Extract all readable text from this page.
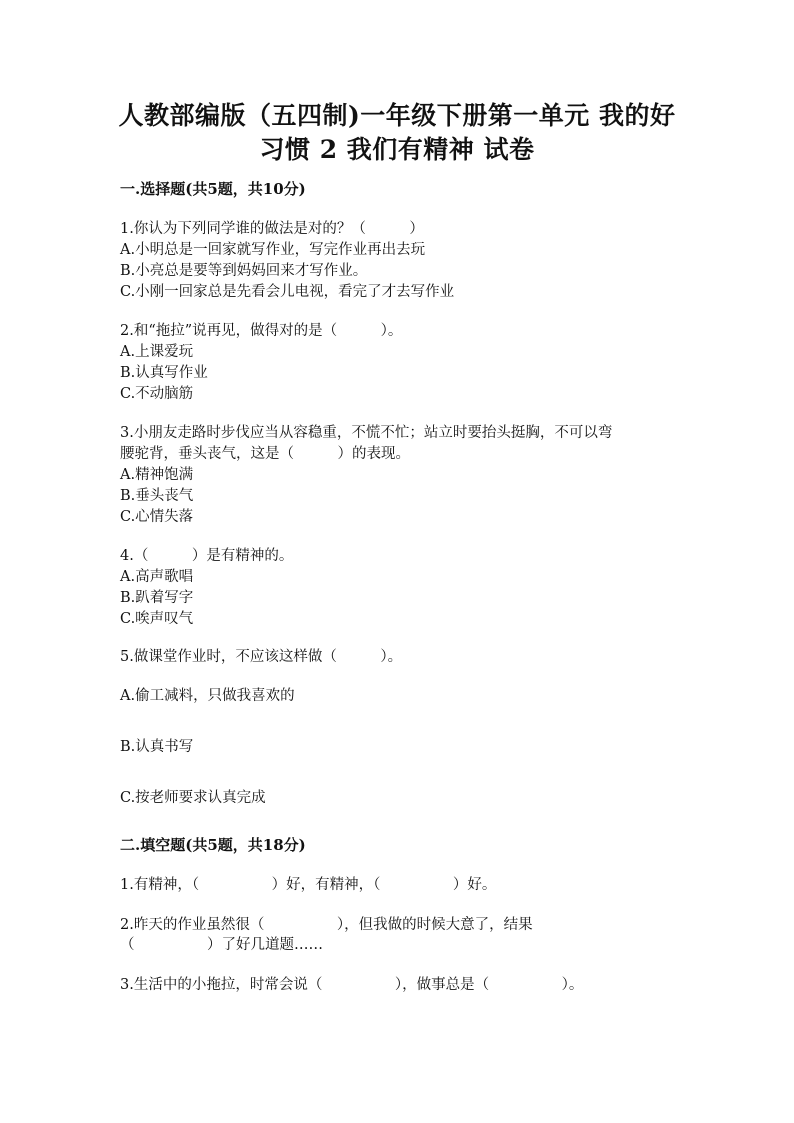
人教部编版（五四制)一年级下册第一单元 我的好
习惯 2 我们有精神 试卷
一.选择题(共5题，共10分)
1.你认为下列同学谁的做法是对的？（　　　）
A.小明总是一回家就写作业，写完作业再出去玩
B.小亮总是要等到妈妈回来才写作业。
C.小刚一回家总是先看会儿电视，看完了才去写作业
2.和“拖拉”说再见，做得对的是（　　　）。
A.上课爱玩
B.认真写作业
C.不动脑筋
3.小朋友走路时步伐应当从容稳重，不慌不忙；站立时要抬头挺胸，不可以弯
腰驼背，垂头丧气，这是（　　　）的表现。
A.精神饱满
B.垂头丧气
C.心情失落
4.（　　　）是有精神的。
A.高声歌唱
B.趴着写字
C.唉声叹气
5.做课堂作业时，不应该这样做（　　　）。
A.偷工减料，只做我喜欢的
B.认真书写
C.按老师要求认真完成
二.填空题(共5题，共18分)
1.有精神，（　　　　　）好，有精神，（　　　　　）好。
2.昨天的作业虽然很（　　　　　），但我做的时候大意了，结果
（　　　　　）了好几道题……
3.生活中的小拖拉，时常会说（　　　　　），做事总是（　　　　　）。
